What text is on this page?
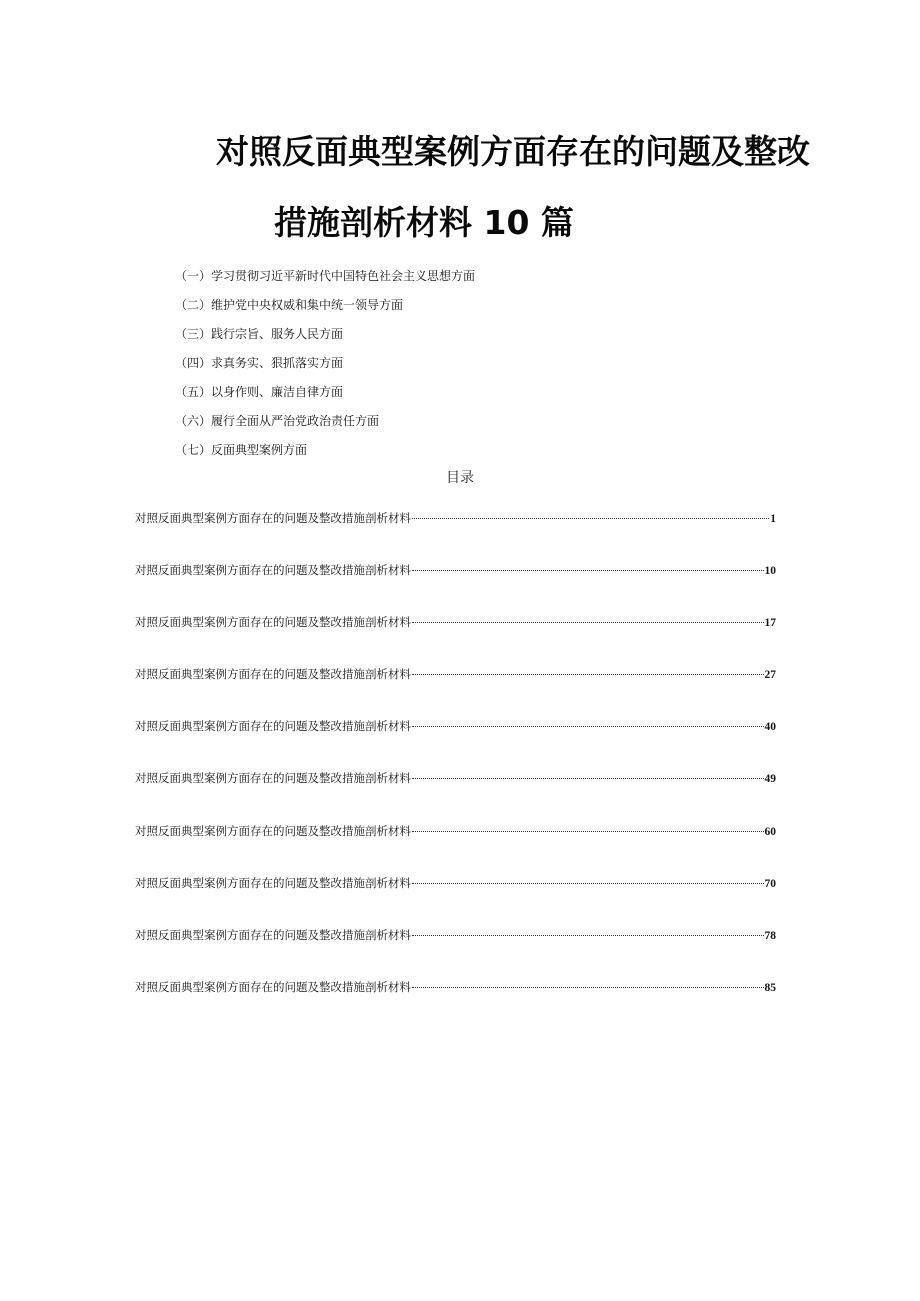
对照反面典型案例方面存在的问题及整改
措施剖析材料 10 篇
（一）学习贯彻习近平新时代中国特色社会主义思想方面
（二）维护党中央权威和集中统一领导方面
（三）践行宗旨、服务人民方面
（四）求真务实、狠抓落实方面
（五）以身作则、廉洁自律方面
（六）履行全面从严治党政治责任方面
（七）反面典型案例方面
目录
对照反面典型案例方面存在的问题及整改措施剖析材料	1
对照反面典型案例方面存在的问题及整改措施剖析材料	10
对照反面典型案例方面存在的问题及整改措施剖析材料	17
对照反面典型案例方面存在的问题及整改措施剖析材料	27
对照反面典型案例方面存在的问题及整改措施剖析材料	40
对照反面典型案例方面存在的问题及整改措施剖析材料	49
对照反面典型案例方面存在的问题及整改措施剖析材料	60
对照反面典型案例方面存在的问题及整改措施剖析材料	70
对照反面典型案例方面存在的问题及整改措施剖析材料	78
对照反面典型案例方面存在的问题及整改措施剖析材料	85
